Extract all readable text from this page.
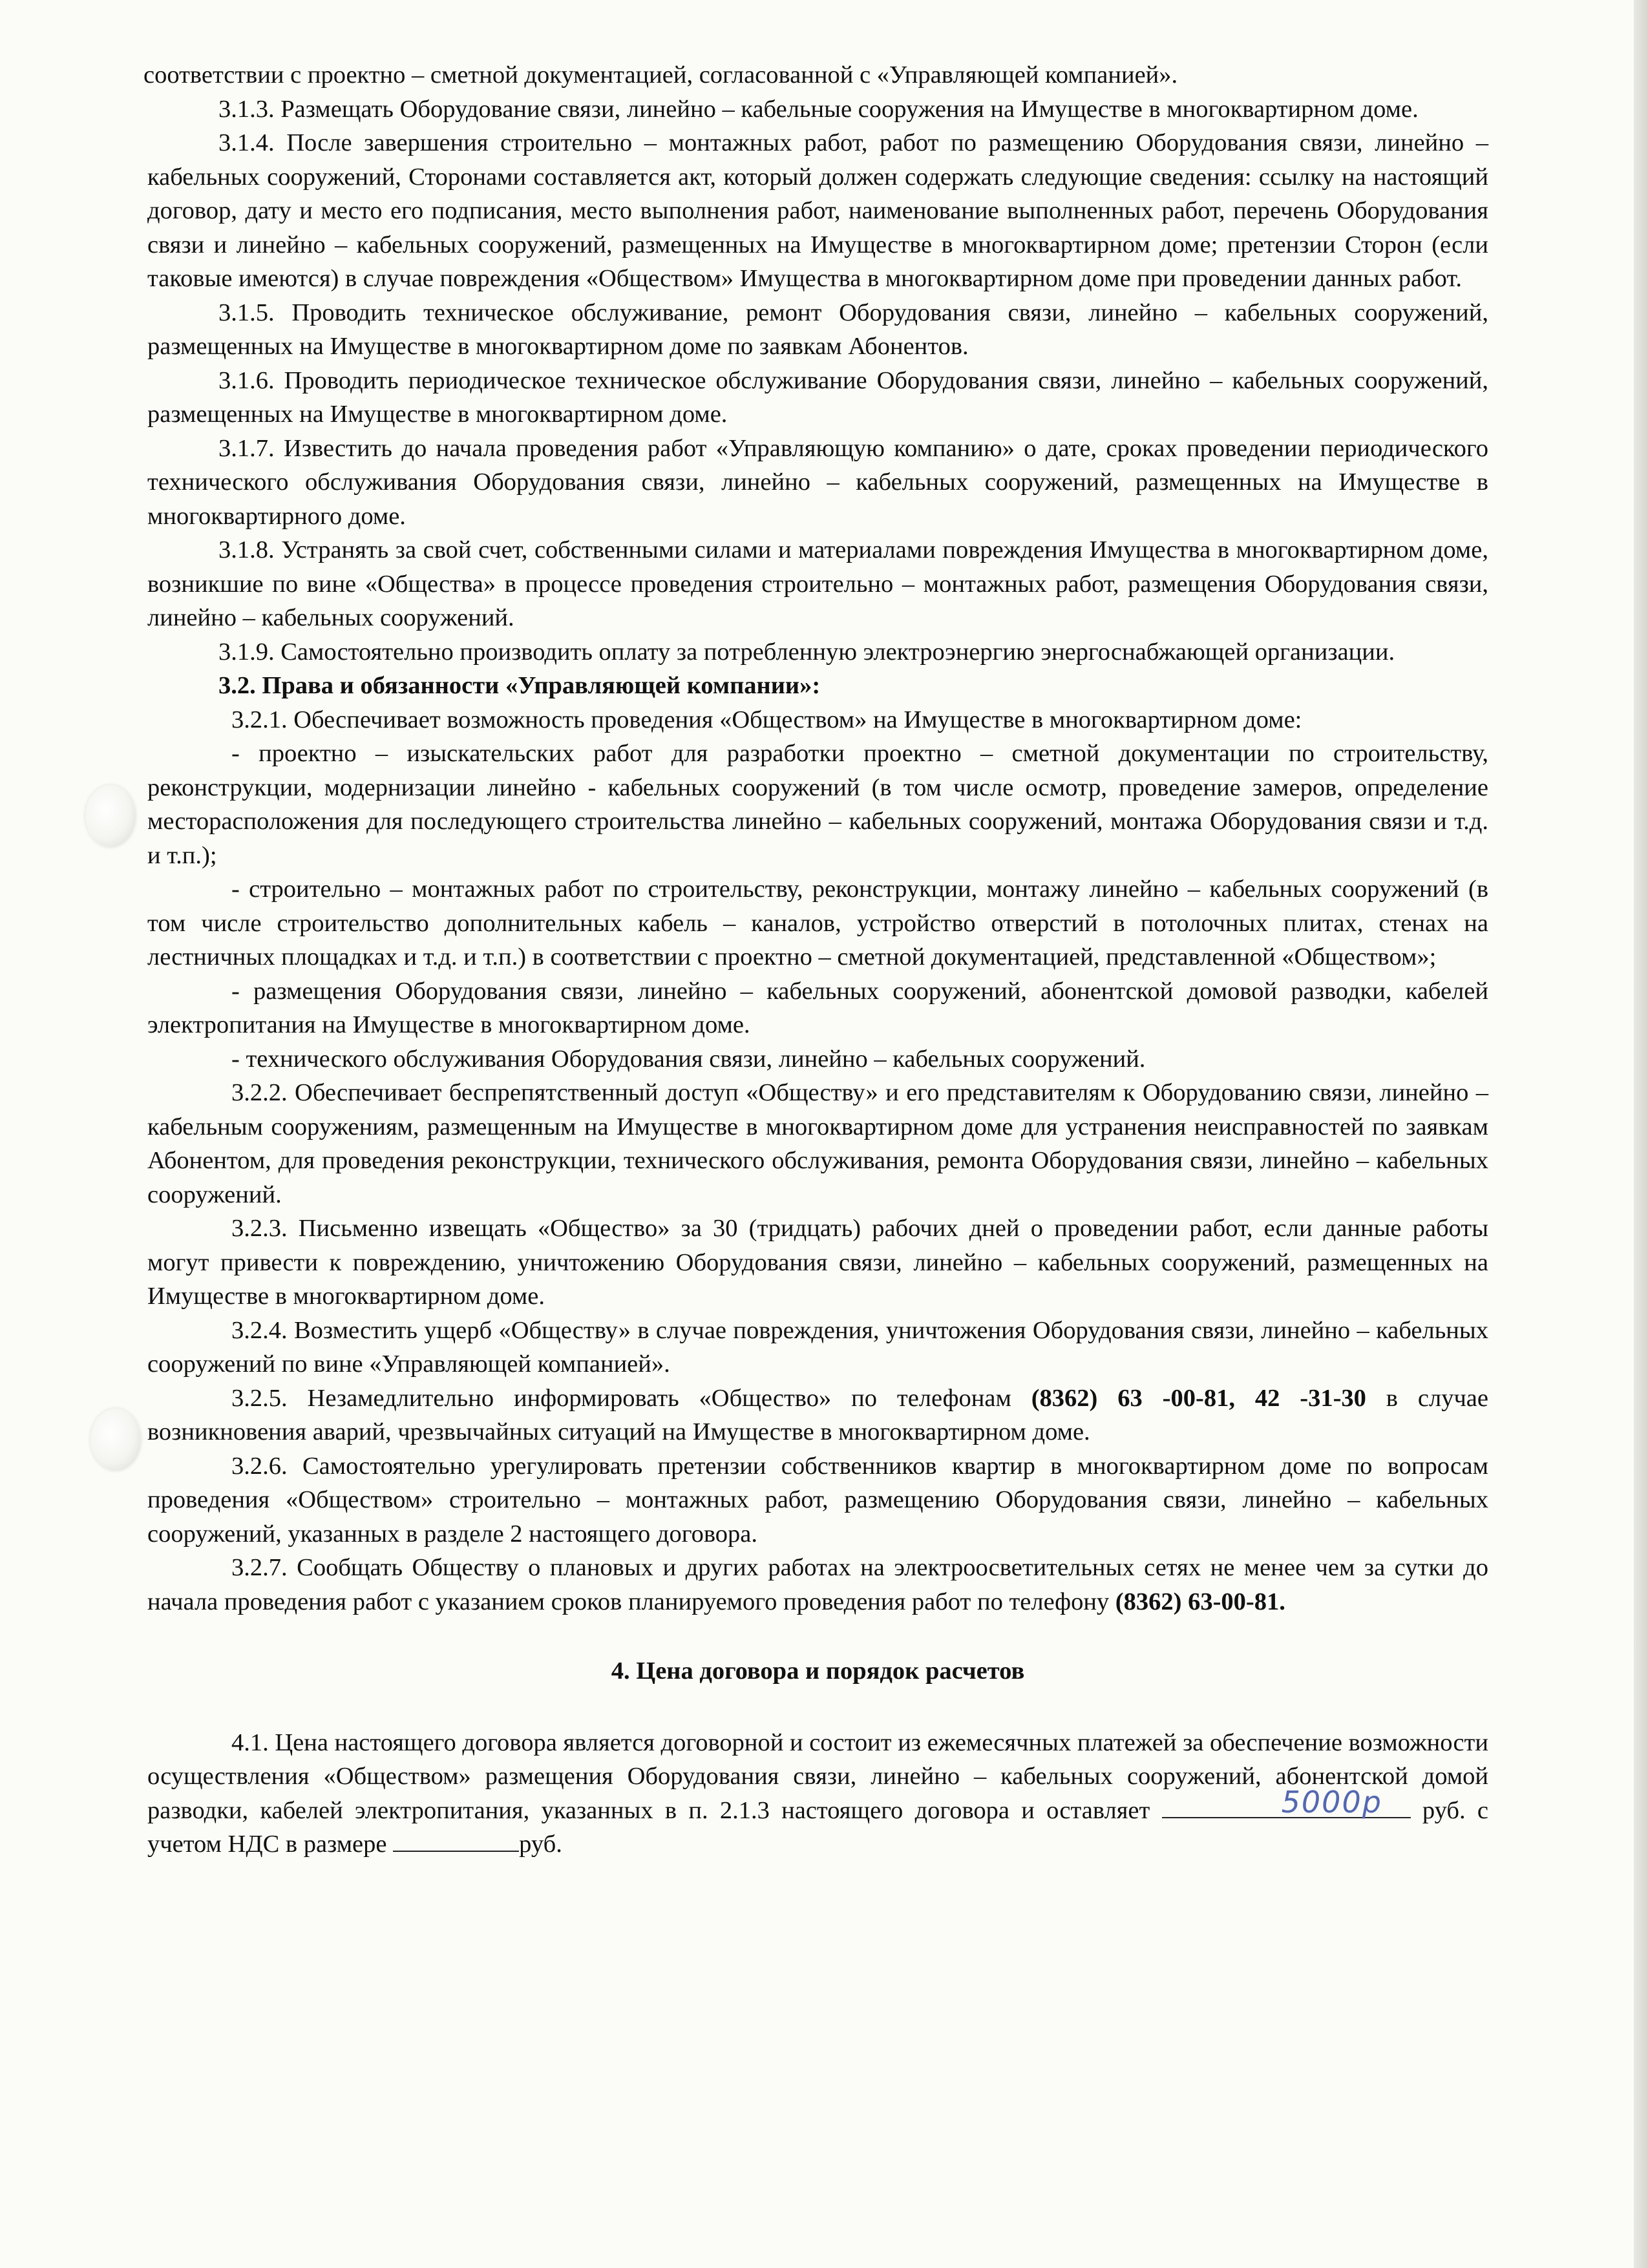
соответствии с проектно – сметной документацией, согласованной с «Управляющей компанией».

3.1.3. Размещать Оборудование связи, линейно – кабельные сооружения на Имуществе в многоквартирном доме.

3.1.4. После завершения строительно – монтажных работ, работ по размещению Оборудования связи, линейно – кабельных сооружений, Сторонами составляется акт, который должен содержать следующие сведения: ссылку на настоящий договор, дату и место его подписания, место выполнения работ, наименование выполненных работ, перечень Оборудования связи и линейно – кабельных сооружений, размещенных на Имуществе в многоквартирном доме; претензии Сторон (если таковые имеются) в случае повреждения «Обществом» Имущества в многоквартирном доме при проведении данных работ.

3.1.5. Проводить техническое обслуживание, ремонт Оборудования связи, линейно – кабельных сооружений, размещенных на Имуществе в многоквартирном доме по заявкам Абонентов.

3.1.6. Проводить периодическое техническое обслуживание Оборудования связи, линейно – кабельных сооружений, размещенных на Имуществе в многоквартирном доме.

3.1.7. Известить до начала проведения работ «Управляющую компанию» о дате, сроках проведении периодического технического обслуживания Оборудования связи, линейно – кабельных сооружений, размещенных на Имуществе в многоквартирного доме.

3.1.8. Устранять за свой счет, собственными силами и материалами повреждения Имущества в многоквартирном доме, возникшие по вине «Общества» в процессе проведения строительно – монтажных работ, размещения Оборудования связи, линейно – кабельных сооружений.

3.1.9. Самостоятельно производить оплату за потребленную электроэнергию энергоснабжающей организации.

3.2. Права и обязанности «Управляющей компании»:

3.2.1. Обеспечивает возможность проведения «Обществом» на Имуществе в многоквартирном доме:

- проектно – изыскательских работ для разработки проектно – сметной документации по строительству, реконструкции, модернизации линейно - кабельных сооружений (в том числе осмотр, проведение замеров, определение месторасположения для последующего строительства линейно – кабельных сооружений, монтажа Оборудования связи и т.д. и т.п.);

- строительно – монтажных работ по строительству, реконструкции, монтажу линейно – кабельных сооружений (в том числе строительство дополнительных кабель – каналов, устройство отверстий в потолочных плитах, стенах на лестничных площадках и т.д. и т.п.) в соответствии с проектно – сметной документацией, представленной «Обществом»;

- размещения Оборудования связи, линейно – кабельных сооружений, абонентской домовой разводки, кабелей электропитания на Имуществе в многоквартирном доме.

- технического обслуживания Оборудования связи, линейно – кабельных сооружений.

3.2.2. Обеспечивает беспрепятственный доступ «Обществу» и его представителям к Оборудованию связи, линейно – кабельным сооружениям, размещенным на Имуществе в многоквартирном доме для устранения неисправностей по заявкам Абонентом, для проведения реконструкции, технического обслуживания, ремонта Оборудования связи, линейно – кабельных сооружений.

3.2.3. Письменно извещать «Общество» за 30 (тридцать) рабочих дней о проведении работ, если данные работы могут привести к повреждению, уничтожению Оборудования связи, линейно – кабельных сооружений, размещенных на Имуществе в многоквартирном доме.

3.2.4. Возместить ущерб «Обществу» в случае повреждения, уничтожения Оборудования связи, линейно – кабельных сооружений по вине «Управляющей компанией».

3.2.5. Незамедлительно информировать «Общество» по телефонам (8362) 63 -00-81, 42 -31-30 в случае возникновения аварий, чрезвычайных ситуаций на Имуществе в многоквартирном доме.

3.2.6. Самостоятельно урегулировать претензии собственников квартир в многоквартирном доме по вопросам проведения «Обществом» строительно – монтажных работ, размещению Оборудования связи, линейно – кабельных сооружений, указанных в разделе 2 настоящего договора.

3.2.7. Сообщать Обществу о плановых и других работах на электроосветительных сетях не менее чем за сутки до начала проведения работ с указанием сроков планируемого проведения работ по телефону (8362) 63-00-81.

4. Цена договора и порядок расчетов

4.1. Цена настоящего договора является договорной и состоит из ежемесячных платежей за обеспечение возможности осуществления «Обществом» размещения Оборудования связи, линейно – кабельных сооружений, абонентской домой разводки, кабелей электропитания, указанных в п. 2.1.3 настоящего договора и оставляет	5000р руб. с учетом НДС в размере	руб.
